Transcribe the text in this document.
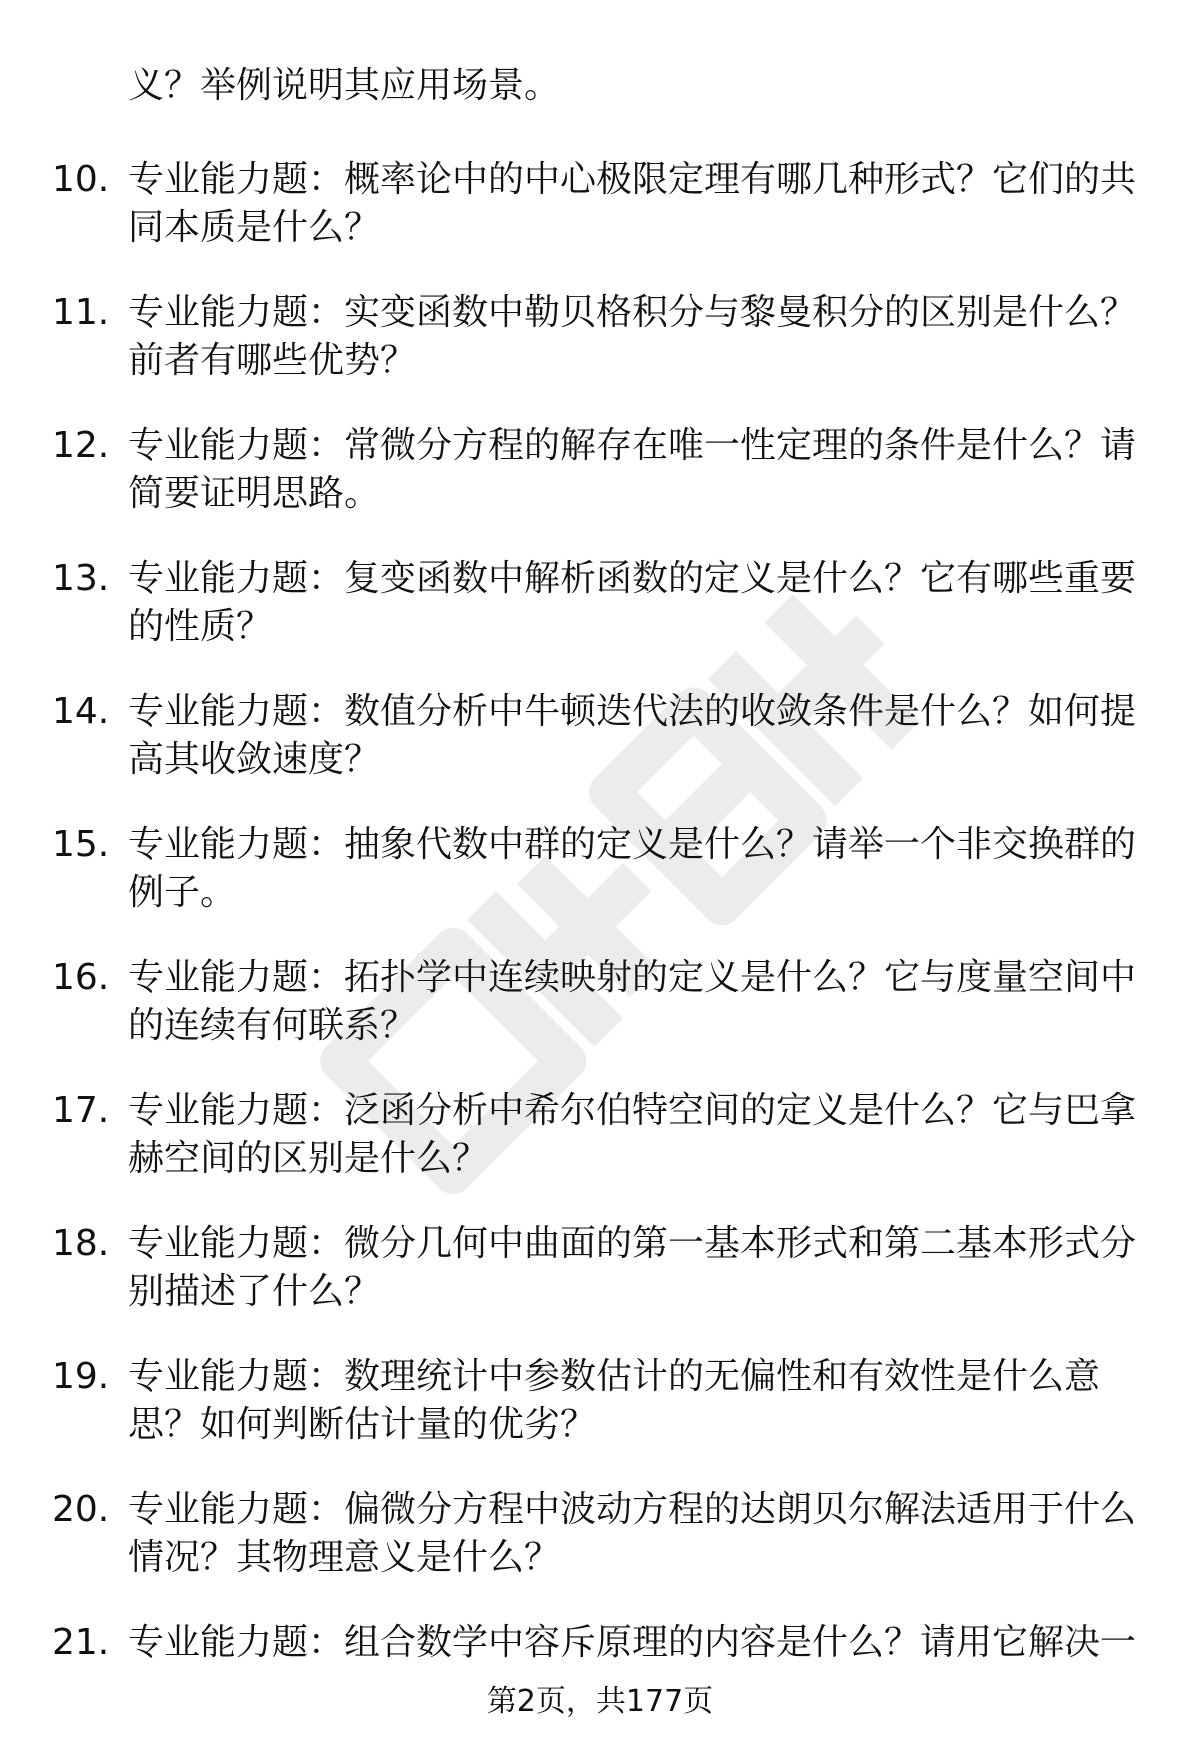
义？举例说明其应用场景。
10. 专业能力题：概率论中的中心极限定理有哪几种形式？它们的共同本质是什么？
11. 专业能力题：实变函数中勒贝格积分与黎曼积分的区别是什么？前者有哪些优势？
12. 专业能力题：常微分方程的解存在唯一性定理的条件是什么？请简要证明思路。
13. 专业能力题：复变函数中解析函数的定义是什么？它有哪些重要的性质？
14. 专业能力题：数值分析中牛顿迭代法的收敛条件是什么？如何提高其收敛速度？
15. 专业能力题：抽象代数中群的定义是什么？请举一个非交换群的例子。
16. 专业能力题：拓扑学中连续映射的定义是什么？它与度量空间中的连续有何联系？
17. 专业能力题：泛函分析中希尔伯特空间的定义是什么？它与巴拿赫空间的区别是什么？
18. 专业能力题：微分几何中曲面的第一基本形式和第二基本形式分别描述了什么？
19. 专业能力题：数理统计中参数估计的无偏性和有效性是什么意思？如何判断估计量的优劣？
20. 专业能力题：偏微分方程中波动方程的达朗贝尔解法适用于什么情况？其物理意义是什么？
21. 专业能力题：组合数学中容斥原理的内容是什么？请用它解决一
第2页，共177页
